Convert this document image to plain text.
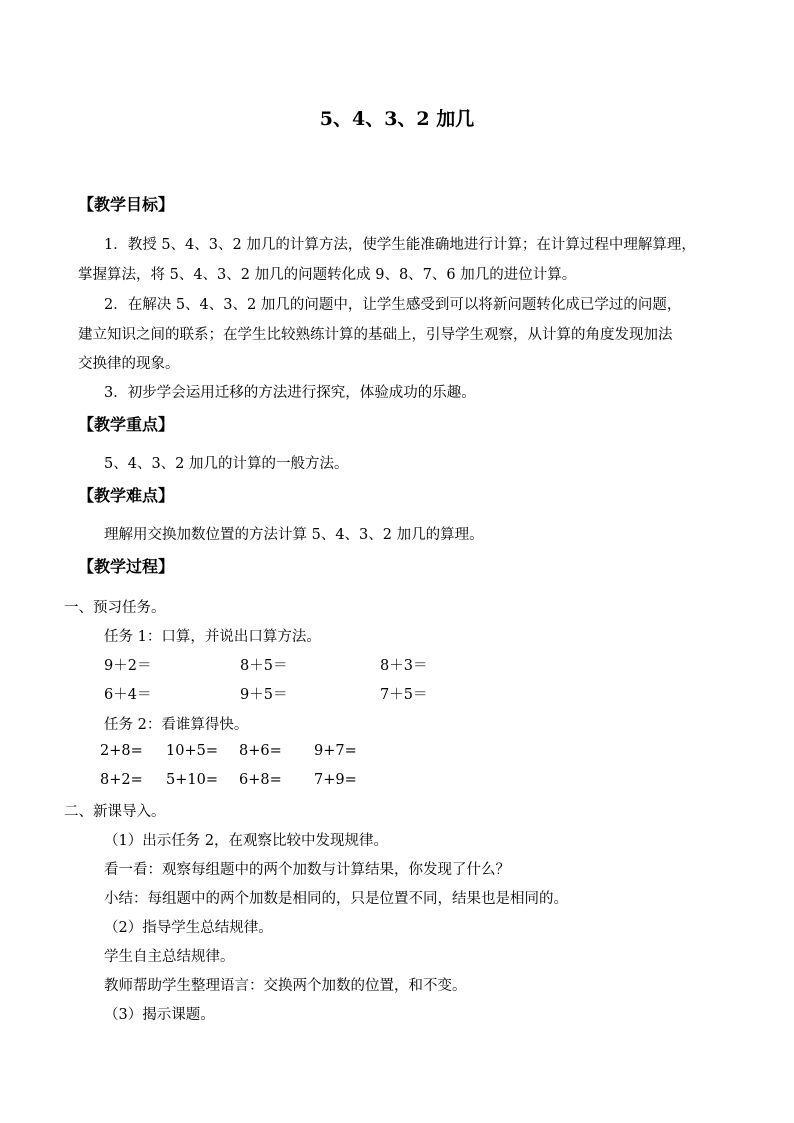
5、4、3、2 加几
【教学目标】
1．教授 5、4、3、2 加几的计算方法，使学生能准确地进行计算；在计算过程中理解算理，
掌握算法，将 5、4、3、2 加几的问题转化成 9、8、7、6 加几的进位计算。
2．在解决 5、4、3、2 加几的问题中，让学生感受到可以将新问题转化成已学过的问题，
建立知识之间的联系；在学生比较熟练计算的基础上，引导学生观察，从计算的角度发现加法
交换律的现象。
3．初步学会运用迁移的方法进行探究，体验成功的乐趣。
【教学重点】
5、4、3、2 加几的计算的一般方法。
【教学难点】
理解用交换加数位置的方法计算 5、4、3、2 加几的算理。
【教学过程】
一、预习任务。
任务 1：口算，并说出口算方法。
9＋2＝	8＋5＝	8＋3＝
6＋4＝	9＋5＝	7＋5＝
任务 2：看谁算得快。
2+8= 10+5= 8+6= 9+7=
8+2= 5+10= 6+8= 7+9=
二、新课导入。
（1）出示任务 2，在观察比较中发现规律。
看一看：观察每组题中的两个加数与计算结果，你发现了什么？
小结：每组题中的两个加数是相同的，只是位置不同，结果也是相同的。
（2）指导学生总结规律。
学生自主总结规律。
教师帮助学生整理语言：交换两个加数的位置，和不变。
（3）揭示课题。
